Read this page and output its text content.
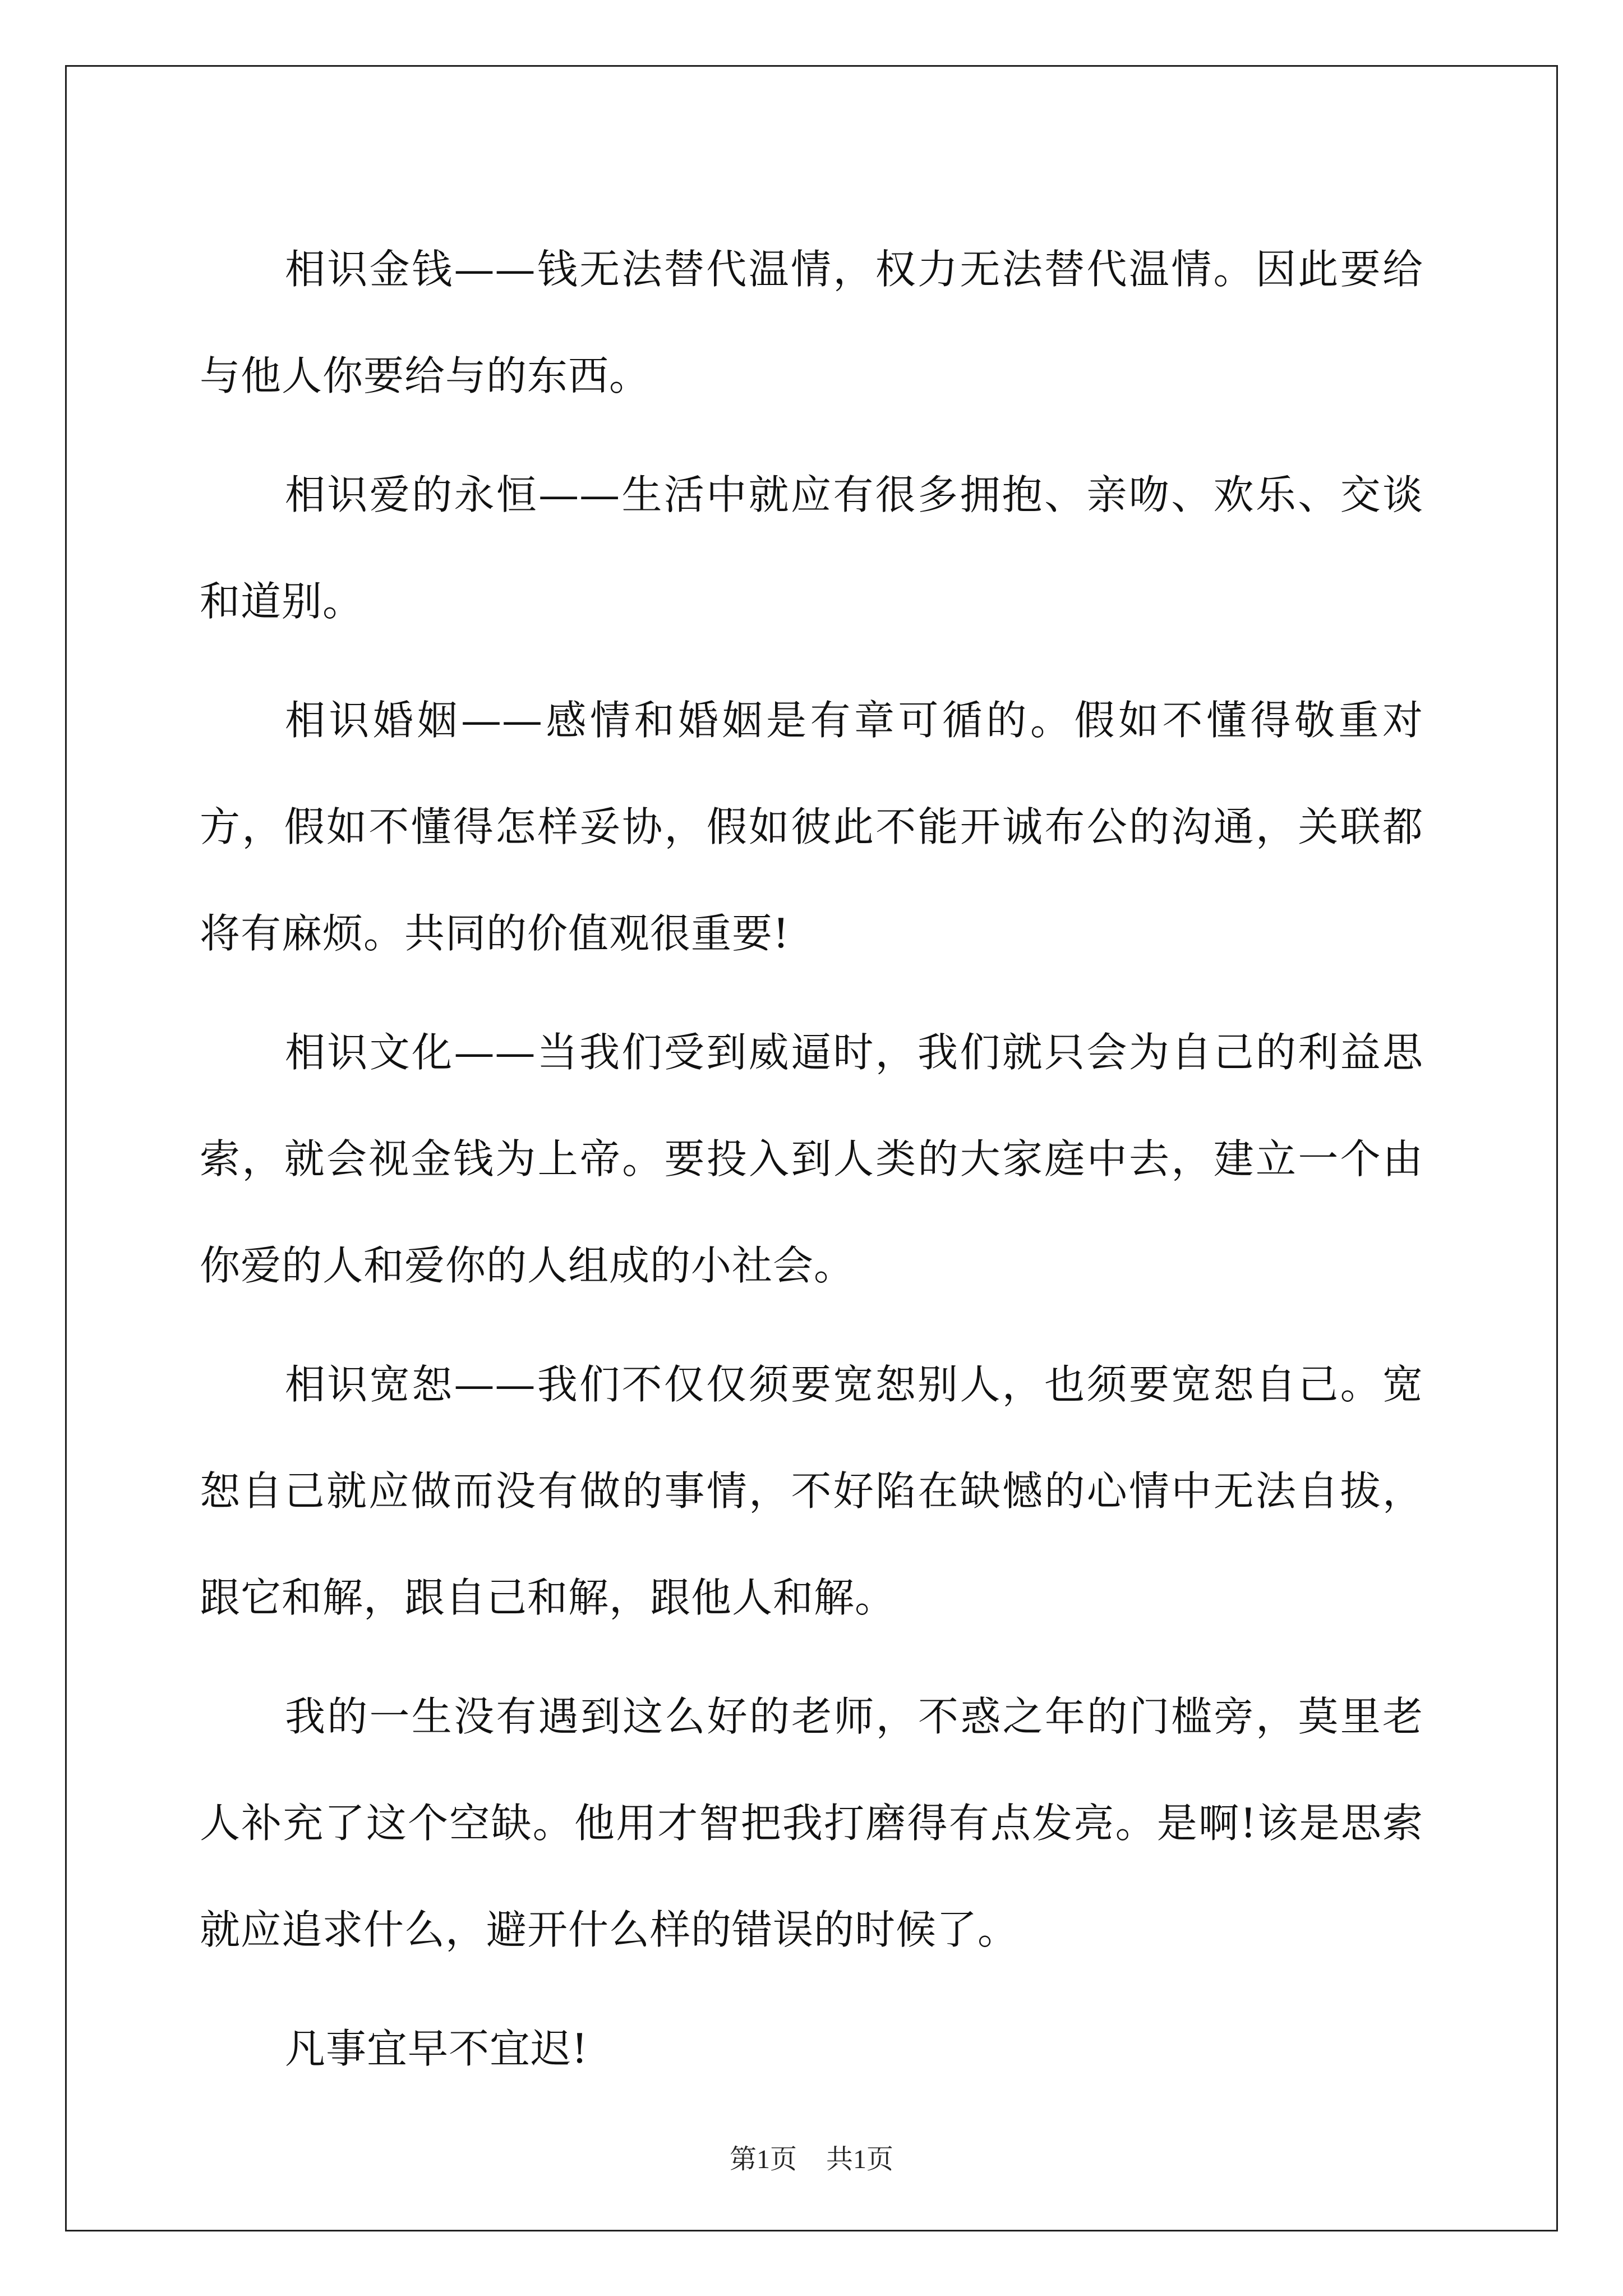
相识金钱——钱无法替代温情，权力无法替代温情。因此要给与他人你要给与的东西。

相识爱的永恒——生活中就应有很多拥抱、亲吻、欢乐、交谈和道别。

相识婚姻——感情和婚姻是有章可循的。假如不懂得敬重对方，假如不懂得怎样妥协，假如彼此不能开诚布公的沟通，关联都将有麻烦。共同的价值观很重要!

相识文化——当我们受到威逼时，我们就只会为自己的利益思索，就会视金钱为上帝。要投入到人类的大家庭中去，建立一个由你爱的人和爱你的人组成的小社会。

相识宽恕——我们不仅仅须要宽恕别人，也须要宽恕自己。宽恕自己就应做而没有做的事情，不好陷在缺憾的心情中无法自拔，跟它和解，跟自己和解，跟他人和解。

我的一生没有遇到这么好的老师，不惑之年的门槛旁，莫里老人补充了这个空缺。他用才智把我打磨得有点发亮。是啊!该是思索就应追求什么，避开什么样的错误的时候了。

凡事宜早不宜迟!

第1页 共1页
